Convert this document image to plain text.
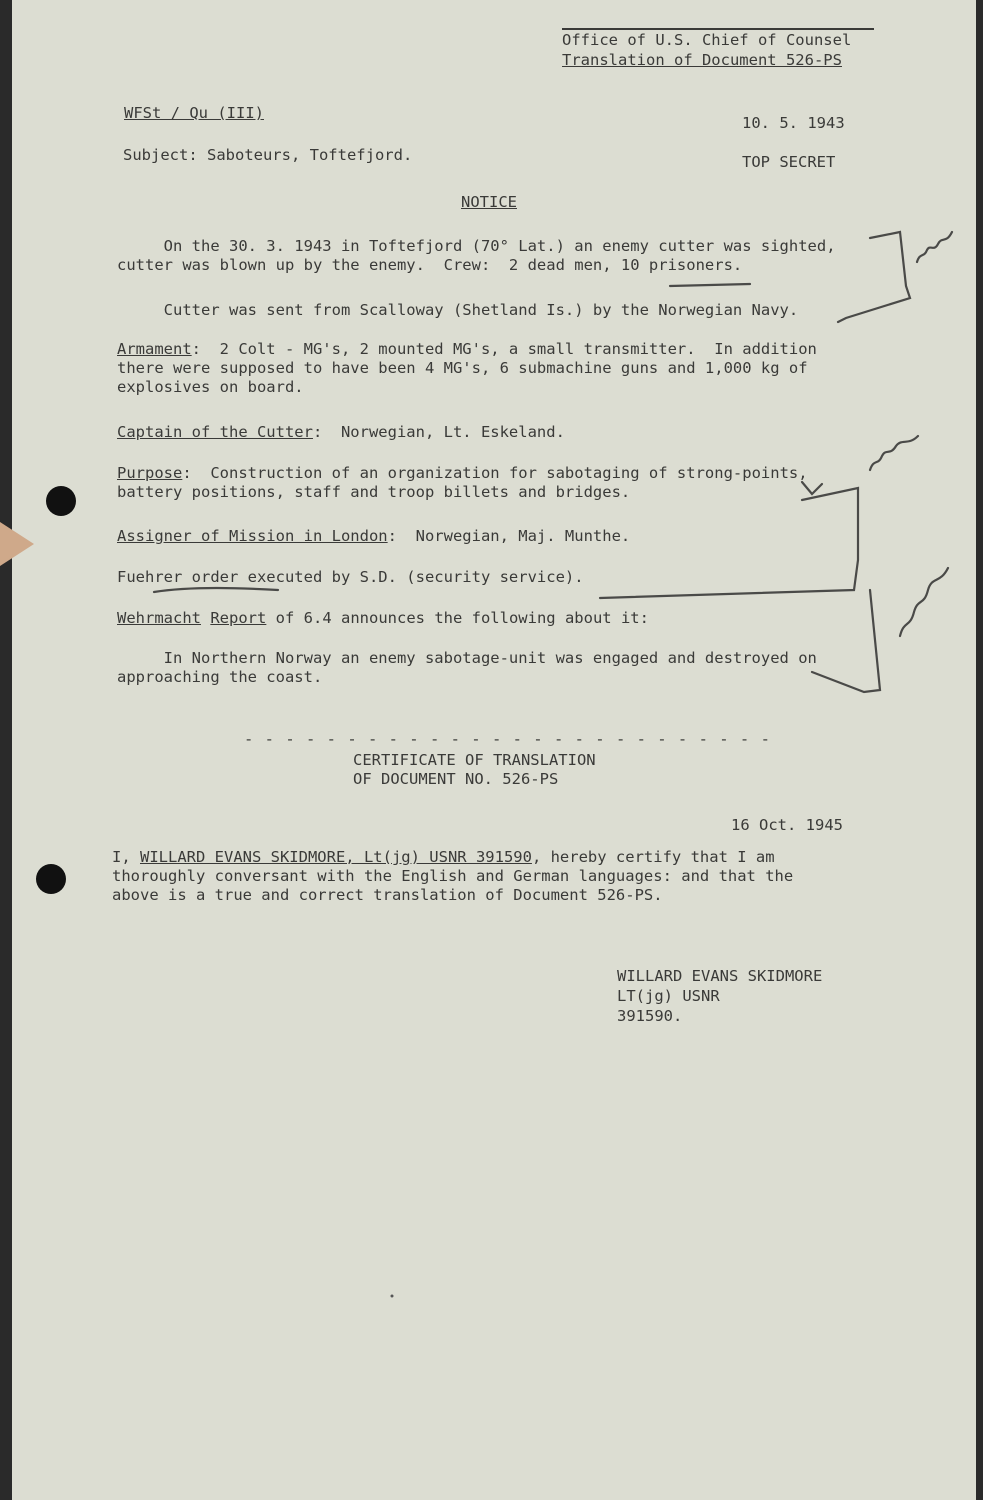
Office of U.S. Chief of Counsel
Translation of Document 526-PS
WFSt / Qu (III)
10. 5. 1943
Subject: Saboteurs, Toftefjord.	TOP SECRET
NOTICE
On the 30. 3. 1943 in Toftefjord (70° Lat.) an enemy cutter was sighted,
cutter was blown up by the enemy.  Crew:  2 dead men, 10 prisoners.
Cutter was sent from Scalloway (Shetland Is.) by the Norwegian Navy.
Armament:  2 Colt - MG's, 2 mounted MG's, a small transmitter.  In addition
there were supposed to have been 4 MG's, 6 submachine guns and 1,000 kg of
explosives on board.
Captain of the Cutter:  Norwegian, Lt. Eskeland.
Purpose:  Construction of an organization for sabotaging of strong-points,
battery positions, staff and troop billets and bridges.
Assigner of Mission in London:  Norwegian, Maj. Munthe.
Fuehrer order executed by S.D. (security service).
Wehrmacht Report of 6.4 announces the following about it:
In Northern Norway an enemy sabotage-unit was engaged and destroyed on
approaching the coast.
- - - - - - - - - - - - - - - - - - - - - - - - - -
CERTIFICATE OF TRANSLATION
OF DOCUMENT NO. 526-PS
16 Oct. 1945
I, WILLARD EVANS SKIDMORE, Lt(jg) USNR 391590, hereby certify that I am
thoroughly conversant with the English and German languages: and that the
above is a true and correct translation of Document 526-PS.
WILLARD EVANS SKIDMORE
LT(jg) USNR
391590.
